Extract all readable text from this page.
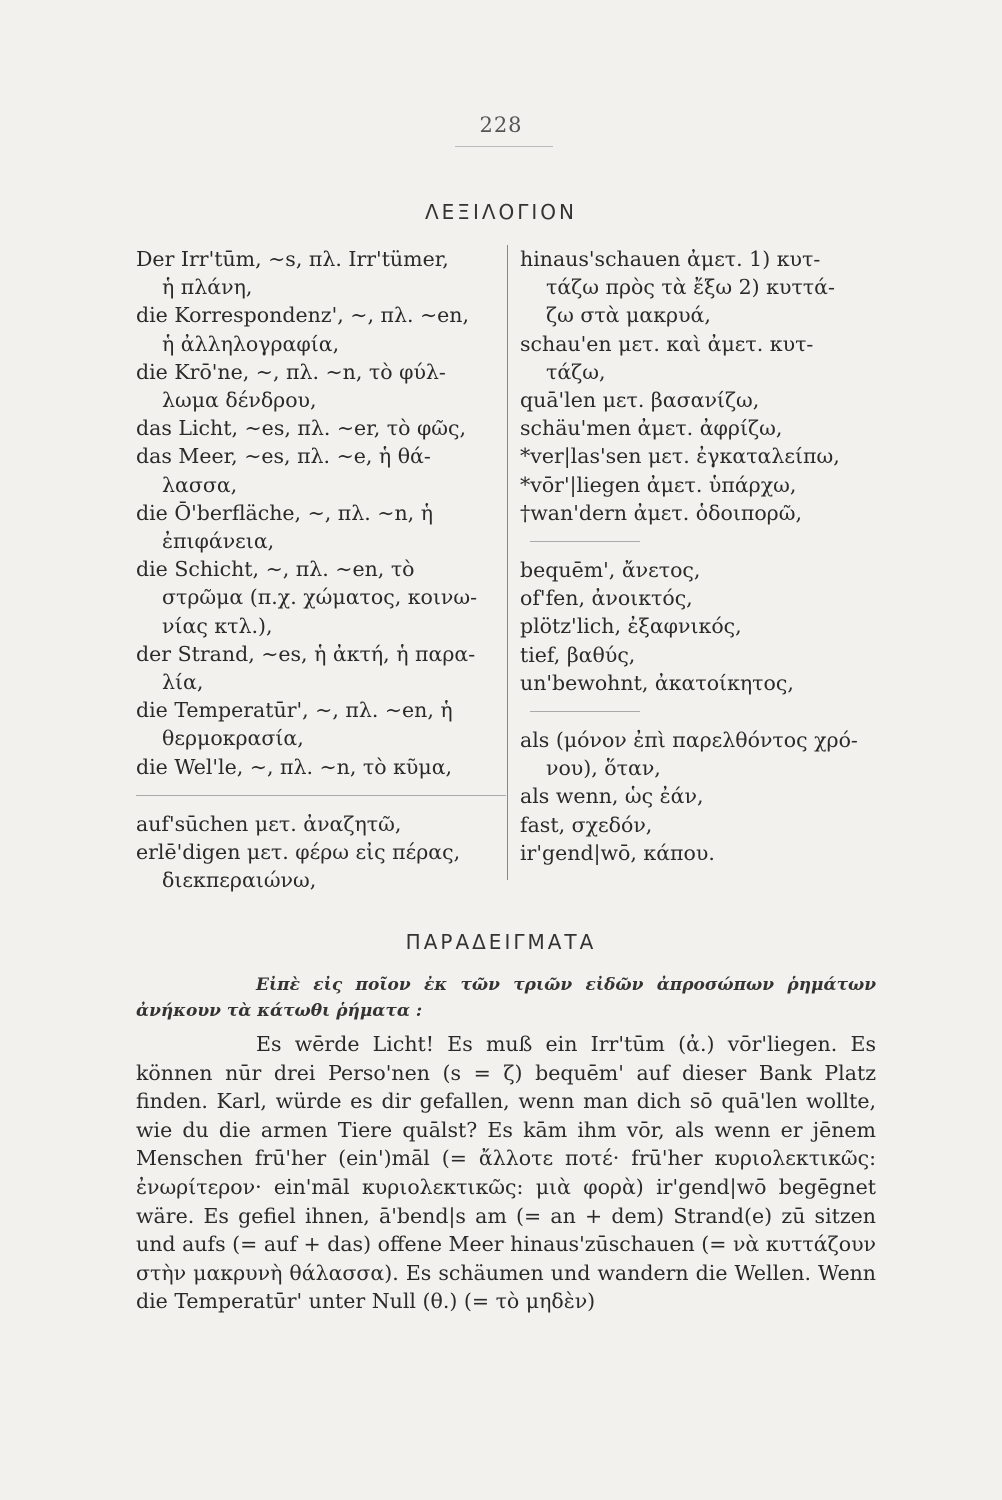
228
ΛΕΞΙΛΟΓΙΟΝ
Der Irr'tūm, ∼s, πλ. Irr'tümer,
ἡ πλάνη,
die Korrespondenz', ∼, πλ. ∼en,
ἡ ἀλληλογραφία,
die Krō'ne, ∼, πλ. ∼n, τὸ φύλ-
λωμα δένδρου,
das Licht, ∼es, πλ. ∼er, τὸ φῶς,
das Meer, ∼es, πλ. ∼e, ἡ θά-
λασσα,
die Ō'berfläche, ∼, πλ. ∼n, ἡ
ἐπιφάνεια,
die Schicht, ∼, πλ. ∼en, τὸ
στρῶμα (π.χ. χώματος, κοινω-
νίας κτλ.),
der Strand, ∼es, ἡ ἀκτή, ἡ παρα-
λία,
die Temperatūr', ∼, πλ. ∼en, ἡ
θερμοκρασία,
die Wel'le, ∼, πλ. ∼n, τὸ κῦμα,
auf'sūchen μετ. ἀναζητῶ,
erlē'digen μετ. φέρω εἰς πέρας,
διεκπεραιώνω,
hinaus'schauen ἀμετ. 1) κυτ-
τάζω πρὸς τὰ ἔξω 2) κυττά-
ζω στὰ μακρυά,
schau'en μετ. καὶ ἀμετ. κυτ-
τάζω,
quā'len μετ. βασανίζω,
schäu'men ἀμετ. ἀφρίζω,
*ver|las'sen μετ. ἐγκαταλείπω,
*vōr'|liegen ἀμετ. ὑπάρχω,
†wan'dern ἀμετ. ὁδοιπορῶ,
bequēm', ἄνετος,
of'fen, ἀνοικτός,
plötz'lich, ἐξαφνικός,
tief, βαθύς,
un'bewohnt, ἀκατοίκητος,
als (μόνον ἐπὶ παρελθόντος χρό-
νου), ὅταν,
als wenn, ὡς ἐάν,
fast, σχεδόν,
ir'gend|wō, κάπου.
ΠΑΡΑΔΕΙΓΜΑΤΑ
Εἰπὲ εἰς ποῖον ἐκ τῶν τριῶν εἰδῶν ἀπροσώπων ῥημάτων ἀνήκουν τὰ κάτωθι ῥήματα :
Es wērde Licht! Es muß ein Irr'tūm (ἀ.) vōr'liegen. Es können nūr drei Perso'nen (s = ζ) bequēm' auf dieser Bank Platz finden. Karl, würde es dir gefallen, wenn man dich sō quā'len wollte, wie du die armen Tiere quālst? Es kām ihm vōr, als wenn er jēnem Menschen frū'her (ein')māl (= ἄλλοτε ποτέ· frū'her κυριολεκτικῶς: ἐνωρίτερον· ein'māl κυριολεκτικῶς: μιὰ φορὰ) ir'gend|wō begēgnet wäre. Es gefiel ihnen, ā'bend|s am (= an + dem) Strand(e) zū sitzen und aufs (= auf + das) offene Meer hinaus'zūschauen (= νὰ κυττάζουν στὴν μακρυνὴ θάλασσα). Es schäumen und wandern die Wellen. Wenn die Temperatūr' unter Null (θ.) (= τὸ μηδὲν)
